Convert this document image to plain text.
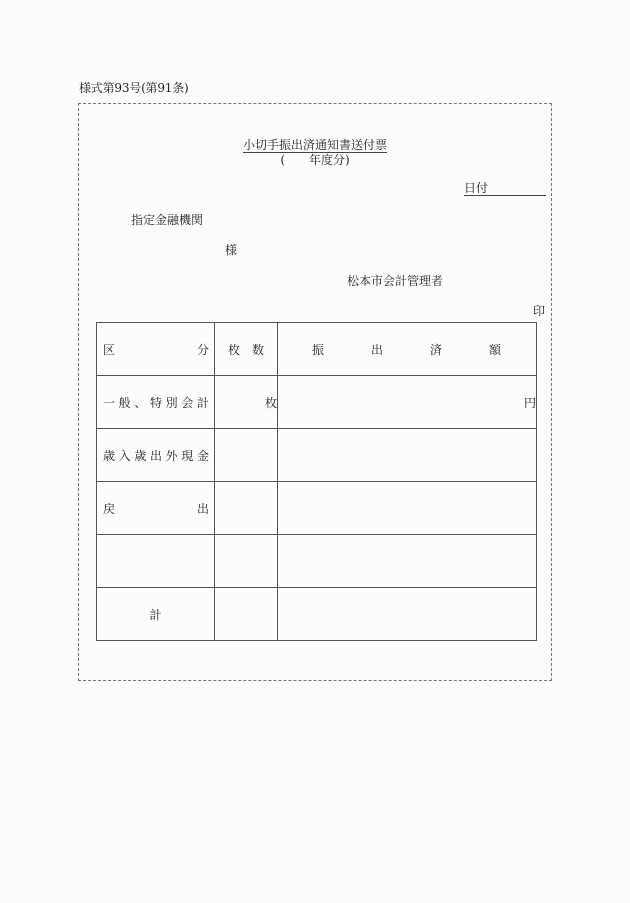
様式第93号(第91条)
小切手振出済通知書送付票
(　　年度分)
日付
指定金融機関
様
松本市会計管理者
印
区 分	枚 数	振 出 済 額

一 般 、 特 別 会 計	枚	円

歳 入 歳 出 外 現 金

戻 出		

計		
